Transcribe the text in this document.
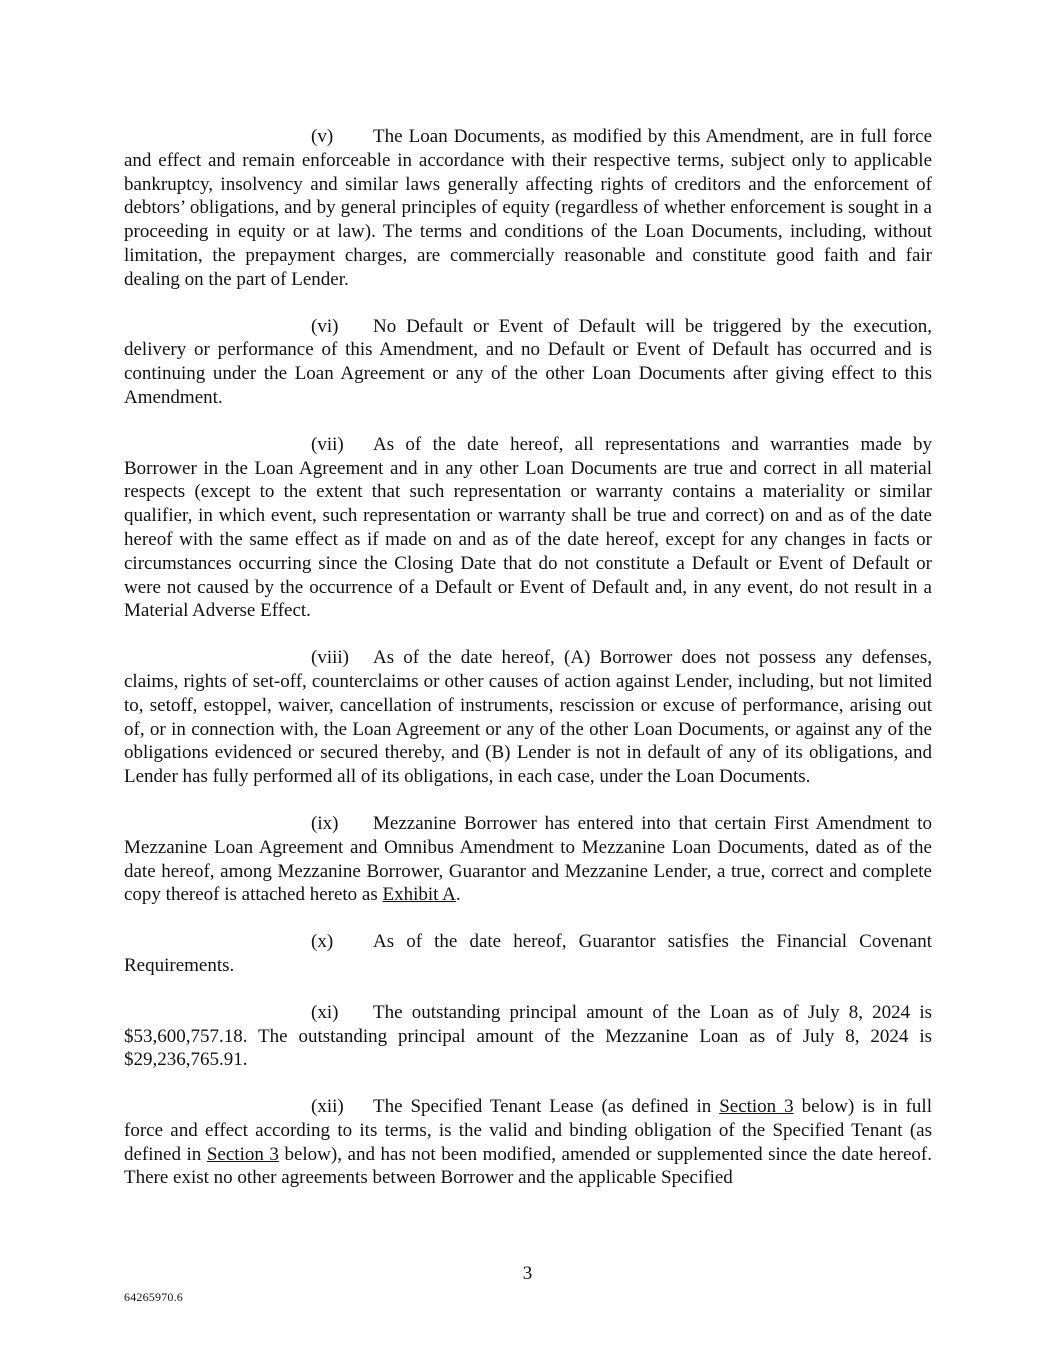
(v) The Loan Documents, as modified by this Amendment, are in full force and effect and remain enforceable in accordance with their respective terms, subject only to applicable bankruptcy, insolvency and similar laws generally affecting rights of creditors and the enforcement of debtors’ obligations, and by general principles of equity (regardless of whether enforcement is sought in a proceeding in equity or at law). The terms and conditions of the Loan Documents, including, without limitation, the prepayment charges, are commercially reasonable and constitute good faith and fair dealing on the part of Lender.

(vi) No Default or Event of Default will be triggered by the execution, delivery or performance of this Amendment, and no Default or Event of Default has occurred and is continuing under the Loan Agreement or any of the other Loan Documents after giving effect to this Amendment.

(vii) As of the date hereof, all representations and warranties made by Borrower in the Loan Agreement and in any other Loan Documents are true and correct in all material respects (except to the extent that such representation or warranty contains a materiality or similar qualifier, in which event, such representation or warranty shall be true and correct) on and as of the date hereof with the same effect as if made on and as of the date hereof, except for any changes in facts or circumstances occurring since the Closing Date that do not constitute a Default or Event of Default or were not caused by the occurrence of a Default or Event of Default and, in any event, do not result in a Material Adverse Effect.

(viii) As of the date hereof, (A) Borrower does not possess any defenses, claims, rights of set-off, counterclaims or other causes of action against Lender, including, but not limited to, setoff, estoppel, waiver, cancellation of instruments, rescission or excuse of performance, arising out of, or in connection with, the Loan Agreement or any of the other Loan Documents, or against any of the obligations evidenced or secured thereby, and (B) Lender is not in default of any of its obligations, and Lender has fully performed all of its obligations, in each case, under the Loan Documents.

(ix) Mezzanine Borrower has entered into that certain First Amendment to Mezzanine Loan Agreement and Omnibus Amendment to Mezzanine Loan Documents, dated as of the date hereof, among Mezzanine Borrower, Guarantor and Mezzanine Lender, a true, correct and complete copy thereof is attached hereto as Exhibit A.

(x) As of the date hereof, Guarantor satisfies the Financial Covenant Requirements.

(xi) The outstanding principal amount of the Loan as of July 8, 2024 is $53,600,757.18. The outstanding principal amount of the Mezzanine Loan as of July 8, 2024 is $29,236,765.91.

(xii) The Specified Tenant Lease (as defined in Section 3 below) is in full force and effect according to its terms, is the valid and binding obligation of the Specified Tenant (as defined in Section 3 below), and has not been modified, amended or supplemented since the date hereof. There exist no other agreements between Borrower and the applicable Specified

3
64265970.6
